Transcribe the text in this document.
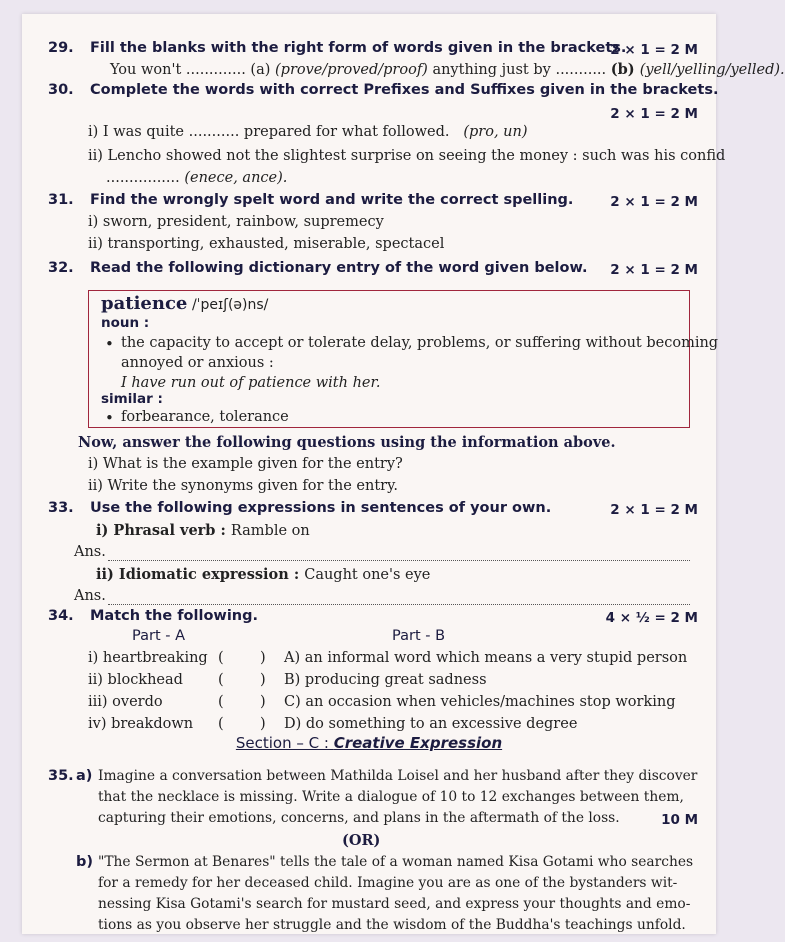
29. Fill the blanks with the right form of words given in the brackets.
2 × 1 = 2 M
You won't ............. (a) (prove/proved/proof) anything just by ........... (b) (yell/yelling/yelled).
30. Complete the words with correct Prefixes and Suffixes given in the brackets.
2 × 1 = 2 M
i) I was quite ........... prepared for what followed. (pro, un)
ii) Lencho showed not the slightest surprise on seeing the money : such was his confid
................ (enece, ance).
31. Find the wrongly spelt word and write the correct spelling.	2 × 1 = 2 M
i) sworn, president, rainbow, supremecy
ii) transporting, exhausted, miserable, spectacel
32. Read the following dictionary entry of the word given below. 2 × 1 = 2 M
patience /ˈpeɪʃ(ə)ns/
noun :
• the capacity to accept or tolerate delay, problems, or suffering without becoming
annoyed or anxious :
I have run out of patience with her.
similar :
• forbearance, tolerance
Now, answer the following questions using the information above.
i) What is the example given for the entry?
ii) Write the synonyms given for the entry.
33. Use the following expressions in sentences of your own.	2 × 1 = 2 M
i) Phrasal verb : Ramble on
Ans.
ii) Idiomatic expression : Caught one's eye
Ans.
34. Match the following.	4 × ½ = 2 M
Part - A	Part - B
i) heartbreaking (	) A) an informal word which means a very stupid person
ii) blockhead (	) B) producing great sadness
iii) overdo	(	) C) an occasion when vehicles/machines stop working
iv) breakdown (	) D) do something to an excessive degree
Section – C : Creative Expression
35. a) Imagine a conversation between Mathilda Loisel and her husband after they discover
that the necklace is missing. Write a dialogue of 10 to 12 exchanges between them,
capturing their emotions, concerns, and plans in the aftermath of the loss.	10 M
(OR)
b) "The Sermon at Benares" tells the tale of a woman named Kisa Gotami who searches
for a remedy for her deceased child. Imagine you are as one of the bystanders wit-
nessing Kisa Gotami's search for mustard seed, and express your thoughts and emo-
tions as you observe her struggle and the wisdom of the Buddha's teachings unfold.
